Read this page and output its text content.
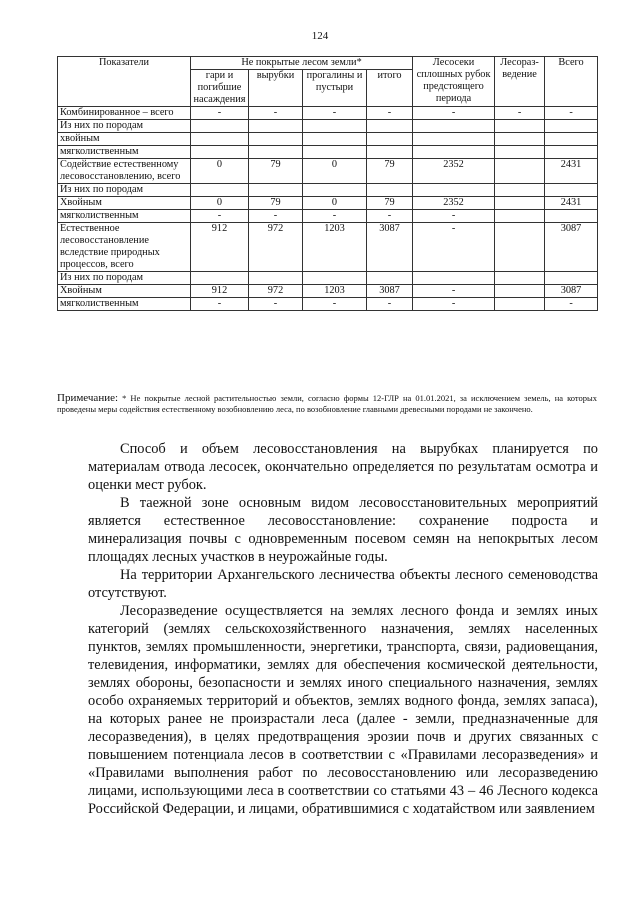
124
Показатели	Не покрытые лесом земли*				Лесосеки сплошных рубок предстоящего периода	Лесораз-ведение	Всего
	гари и погибшие насаждения	вырубки	прогалины и пустыри	итого			
Комбинированное – всего	-	-	-	-	-	-	-
Из них по породам							
хвойным							
мягколиственным							
Содействие естественному лесовосстановлению, всего	0	79	0	79	2352		2431
Из них по породам							
Хвойным	0	79	0	79	2352		2431
мягколиственным	-	-	-	-	-		
Естественное лесовосстановление вследствие природных процессов, всего	912	972	1203	3087	-		3087
Из них по породам							
Хвойным	912	972	1203	3087	-		3087
мягколиственным	-	-	-	-	-		-
Примечание: * Не покрытые лесной растительностью земли, согласно формы 12-ГЛР на 01.01.2021, за исключением земель, на которых проведены меры содействия естественному возобновлению леса, по возобновление главными древесными породами не закончено.

Способ и объем лесовосстановления на вырубках планируется по материалам отвода лесосек, окончательно определяется по результатам осмотра и оценки мест рубок.

В таежной зоне основным видом лесовосстановительных мероприятий является естественное лесовосстановление: сохранение подроста и минерализация почвы с одновременным посевом семян на непокрытых лесом площадях лесных участков в неурожайные годы.

На территории Архангельского лесничества объекты лесного семеноводства отсутствуют.

Лесоразведение осуществляется на землях лесного фонда и землях иных категорий (землях сельскохозяйственного назначения, землях населенных пунктов, землях промышленности, энергетики, транспорта, связи, радиовещания, телевидения, информатики, землях для обеспечения космической деятельности, землях обороны, безопасности и землях иного специального назначения, землях особо охраняемых территорий и объектов, землях водного фонда, землях запаса), на которых ранее не произрастали леса (далее - земли, предназначенные для лесоразведения), в целях предотвращения эрозии почв и других связанных с повышением потенциала лесов в соответствии с «Правилами лесоразведения» и «Правилами выполнения работ по лесовосстановлению или лесоразведению лицами, использующими леса в соответствии со статьями 43 – 46 Лесного кодекса Российской Федерации, и лицами, обратившимися с ходатайством или заявлением
